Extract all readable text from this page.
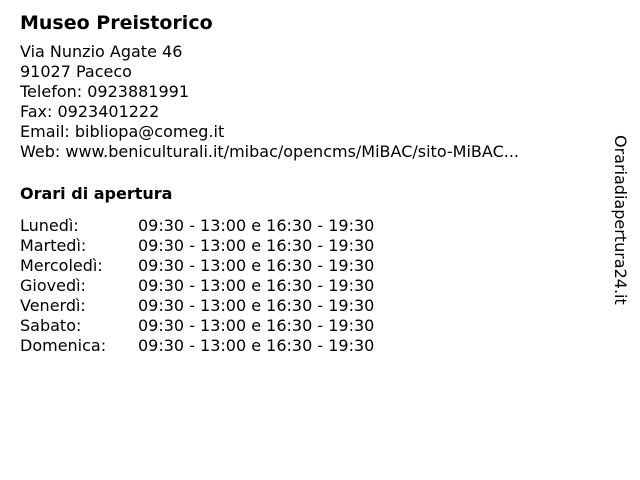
Museo Preistorico
Via Nunzio Agate 46
91027 Paceco
Telefon: 0923881991
Fax: 0923401222
Email: bibliopa@comeg.it
Web: www.beniculturali.it/mibac/opencms/MiBAC/sito-MiBAC...
Orari di apertura
Lunedì:	09:30 - 13:00 e 16:30 - 19:30
Martedì:	09:30 - 13:00 e 16:30 - 19:30
Mercoledì:	09:30 - 13:00 e 16:30 - 19:30
Giovedì:	09:30 - 13:00 e 16:30 - 19:30
Venerdì:	09:30 - 13:00 e 16:30 - 19:30
Sabato:	09:30 - 13:00 e 16:30 - 19:30
Domenica:	09:30 - 13:00 e 16:30 - 19:30
Orariadiapertura24.it
